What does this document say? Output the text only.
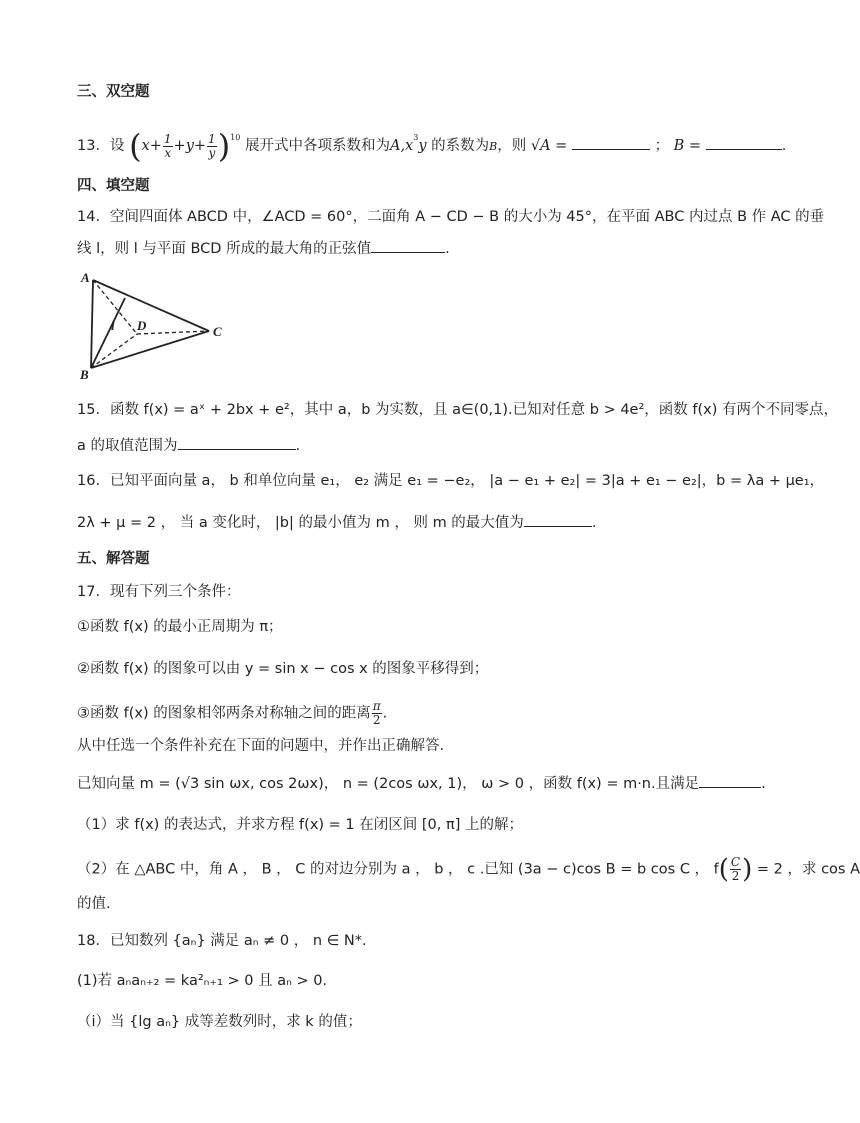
三、双空题
13．设 $(x+ \frac{1}{x} +y+ \frac{1}{y} )^{10}$ 展开式中各项系数和为$A,x^3y$ 的系数为B，则 √A =	； B =	.
四、填空题
14．空间四面体 ABCD 中，∠ACD = 60°，二面角 A − CD − B 的大小为 45°，在平面 ABC 内过点 B 作 AC 的垂
线 l，则 l 与平面 BCD 所成的最大角的正弦值	.
A
B
C
D
l
15．函数 f(x) = aˣ + 2bx + e²，其中 a，b 为实数，且 a∈(0,1).已知对任意 b > 4e²，函数 f(x) 有两个不同零点，
a 的取值范围为	.
16．已知平面向量 a， b 和单位向量 e₁， e₂ 满足 e₁ = −e₂， |a − e₁ + e₂| = 3|a + e₁ − e₂|，b = λa + μe₁，
2λ + μ = 2 ， 当 a 变化时， |b| 的最小值为 m ， 则 m 的最大值为	.
五、解答题
17．现有下列三个条件：
①函数 f(x) 的最小正周期为 π；
②函数 f(x) 的图象可以由 y = sin x − cos x 的图象平移得到；
③函数 f(x) 的图象相邻两条对称轴之间的距离 $\frac{\pi}{2}$ .
从中任选一个条件补充在下面的问题中，并作出正确解答.
已知向量 m = (√3 sin ωx, cos 2ωx)， n = (2cos ωx, 1)， ω > 0 ，函数 f(x) = m·n.且满足	.
（1）求 f(x) 的表达式，并求方程 f(x) = 1 在闭区间 [0, π] 上的解；
（2）在 △ABC 中，角 A ， B ， C 的对边分别为 a ， b ， c .已知 (3a − c)cos B = b cos C ， $f( \frac{C}{2}$ ) = 2 ，求 cos A
的值.
18．已知数列 {aₙ} 满足 aₙ ≠ 0 ， n ∈ N*.
(1)若 aₙaₙ₊₂ = ka²ₙ₊₁ > 0 且 aₙ > 0.
（ⅰ）当 {lg aₙ} 成等差数列时，求 k 的值；
